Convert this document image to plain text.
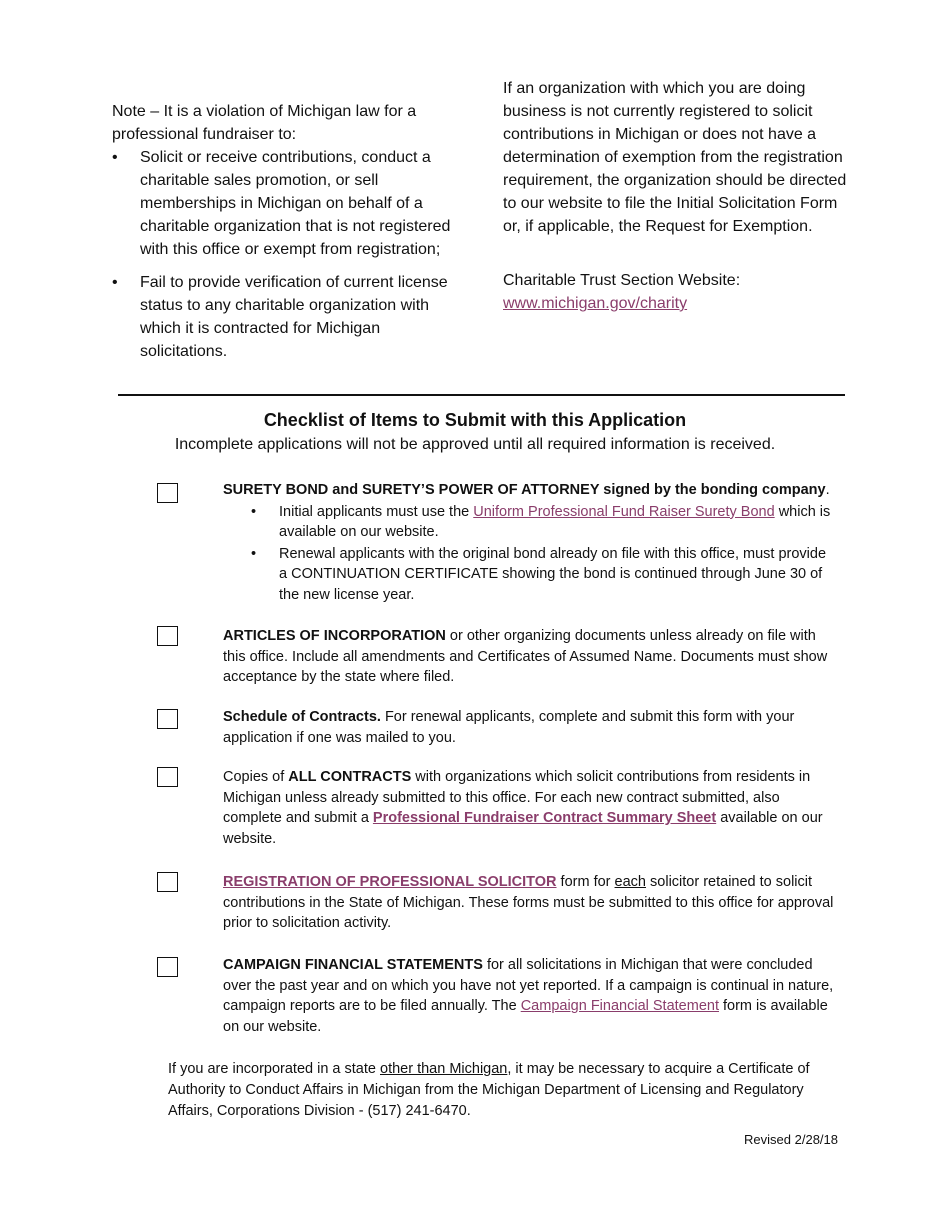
Note – It is a violation of Michigan law for a professional fundraiser to:
•	Solicit or receive contributions, conduct a charitable sales promotion, or sell memberships in Michigan on behalf of a charitable organization that is not registered with this office or exempt from registration;
•	Fail to provide verification of current license status to any charitable organization with which it is contracted for Michigan solicitations.
If an organization with which you are doing business is not currently registered to solicit contributions in Michigan or does not have a determination of exemption from the registration requirement, the organization should be directed to our website to file the Initial Solicitation Form or, if applicable, the Request for Exemption.
Charitable Trust Section Website:
www.michigan.gov/charity
Checklist of Items to Submit with this Application
Incomplete applications will not be approved until all required information is received.
SURETY BOND and SURETY’S POWER OF ATTORNEY signed by the bonding company.
•	Initial applicants must use the Uniform Professional Fund Raiser Surety Bond which is available on our website.
•	Renewal applicants with the original bond already on file with this office, must provide a CONTINUATION CERTIFICATE showing the bond is continued through June 30 of the new license year.
ARTICLES OF INCORPORATION or other organizing documents unless already on file with this office. Include all amendments and Certificates of Assumed Name. Documents must show acceptance by the state where filed.
Schedule of Contracts. For renewal applicants, complete and submit this form with your application if one was mailed to you.
Copies of ALL CONTRACTS with organizations which solicit contributions from residents in Michigan unless already submitted to this office. For each new contract submitted, also complete and submit a Professional Fundraiser Contract Summary Sheet available on our website.
REGISTRATION OF PROFESSIONAL SOLICITOR form for each solicitor retained to solicit contributions in the State of Michigan. These forms must be submitted to this office for approval prior to solicitation activity.
CAMPAIGN FINANCIAL STATEMENTS for all solicitations in Michigan that were concluded over the past year and on which you have not yet reported. If a campaign is continual in nature, campaign reports are to be filed annually. The Campaign Financial Statement form is available on our website.
If you are incorporated in a state other than Michigan, it may be necessary to acquire a Certificate of Authority to Conduct Affairs in Michigan from the Michigan Department of Licensing and Regulatory Affairs, Corporations Division - (517) 241-6470.
Revised 2/28/18
